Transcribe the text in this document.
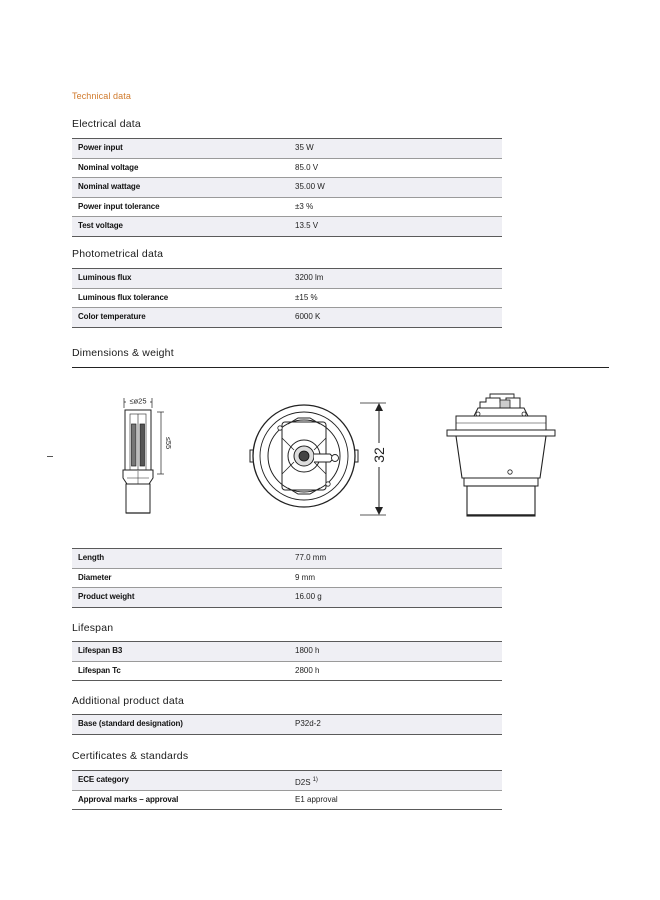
Technical data
Electrical data
Power input	35 W
Nominal voltage	85.0 V
Nominal wattage	35.00 W
Power input tolerance	±3 %
Test voltage	13.5 V
Photometrical data
Luminous flux	3200 lm
Luminous flux tolerance	±15 %
Color temperature	6000 K
Dimensions & weight
≤ø25
≤55
32
Length	77.0 mm
Diameter	9 mm
Product weight	16.00 g
Lifespan
Lifespan B3	1800 h
Lifespan Tc	2800 h
Additional product data
Base (standard designation)	P32d-2
Certificates & standards
ECE category	D2S $^{1)}$
Approval marks – approval	E1 approval
